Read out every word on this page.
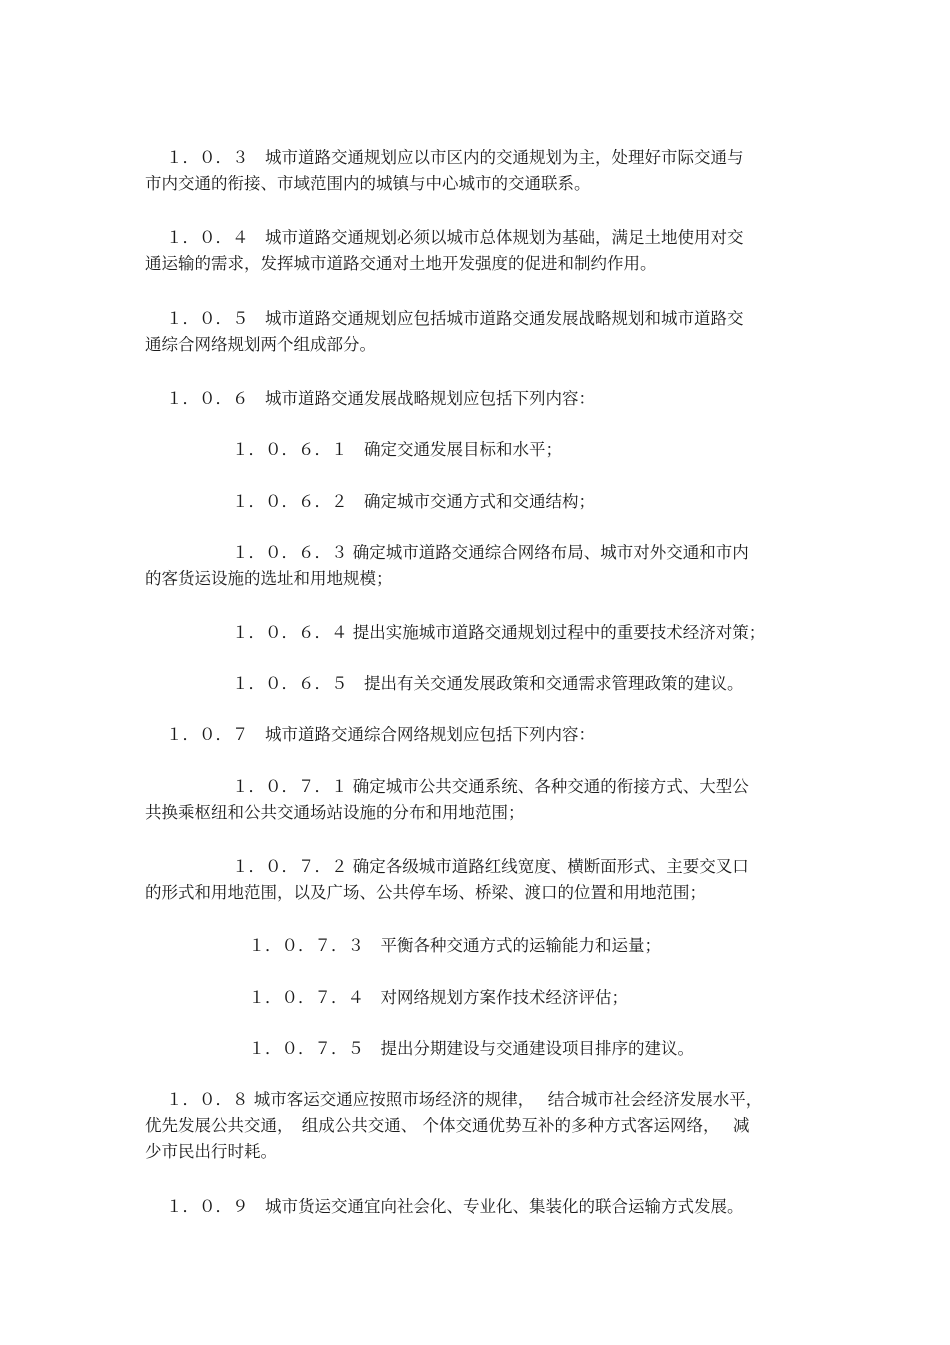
１．０．３　城市道路交通规划应以市区内的交通规划为主，处理好市际交通与
市内交通的衔接、市域范围内的城镇与中心城市的交通联系。

１．０．４　城市道路交通规划必须以城市总体规划为基础，满足土地使用对交
通运输的需求，发挥城市道路交通对土地开发强度的促进和制约作用。

１．０．５　城市道路交通规划应包括城市道路交通发展战略规划和城市道路交
通综合网络规划两个组成部分。

１．０．６　城市道路交通发展战略规划应包括下列内容：

　　　　１．０．６．１　确定交通发展目标和水平；

　　　　１．０．６．２　确定城市交通方式和交通结构；

　　　　１．０．６．３ 确定城市道路交通综合网络布局、城市对外交通和市内
的客货运设施的选址和用地规模；

　　　　１．０．６．４ 提出实施城市道路交通规划过程中的重要技术经济对策；

　　　　１．０．６．５　提出有关交通发展政策和交通需求管理政策的建议。

１．０．７　城市道路交通综合网络规划应包括下列内容：

　　　　１．０．７．１ 确定城市公共交通系统、各种交通的衔接方式、大型公
共换乘枢纽和公共交通场站设施的分布和用地范围；

　　　　１．０．７．２ 确定各级城市道路红线宽度、横断面形式、主要交叉口
的形式和用地范围，以及广场、公共停车场、桥梁、渡口的位置和用地范围；

　　　　　１．０．７．３　平衡各种交通方式的运输能力和运量；

　　　　　１．０．７．４　对网络规划方案作技术经济评估；

　　　　　１．０．７．５　提出分期建设与交通建设项目排序的建议。

１．０．８ 城市客运交通应按照市场经济的规律，　 结合城市社会经济发展水平，
优先发展公共交通，　组成公共交通、 个体交通优势互补的多种方式客运网络，　 减
少市民出行时耗。

１．０．９　城市货运交通宜向社会化、专业化、集装化的联合运输方式发展。
